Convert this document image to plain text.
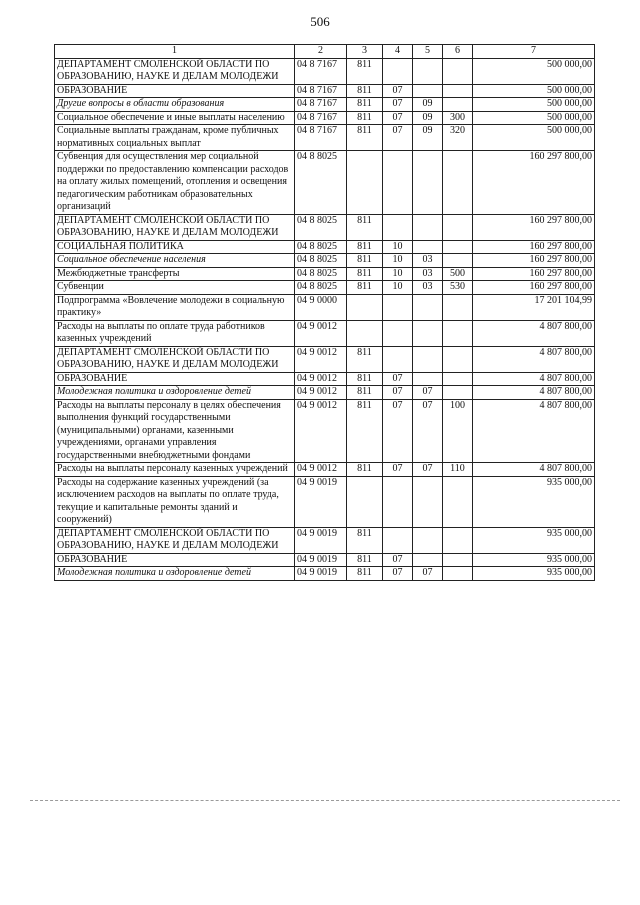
506
1	2	3	4	5	6	7
ДЕПАРТАМЕНТ СМОЛЕНСКОЙ ОБЛАСТИ ПО ОБРАЗОВАНИЮ, НАУКЕ И ДЕЛАМ МОЛОДЕЖИ	04 8 7167	811				500 000,00
ОБРАЗОВАНИЕ	04 8 7167	811	07			500 000,00
Другие вопросы в области образования	04 8 7167	811	07	09		500 000,00
Социальное обеспечение и иные выплаты населению	04 8 7167	811	07	09	300	500 000,00
Социальные выплаты гражданам, кроме публичных нормативных социальных выплат	04 8 7167	811	07	09	320	500 000,00
Субвенция для осуществления мер социальной поддержки по предоставлению компенсации расходов на оплату жилых помещений, отопления и освещения педагогическим работникам образовательных организаций	04 8 8025					160 297 800,00
ДЕПАРТАМЕНТ СМОЛЕНСКОЙ ОБЛАСТИ ПО ОБРАЗОВАНИЮ, НАУКЕ И ДЕЛАМ МОЛОДЕЖИ	04 8 8025	811				160 297 800,00
СОЦИАЛЬНАЯ ПОЛИТИКА	04 8 8025	811	10			160 297 800,00
Социальное обеспечение населения	04 8 8025	811	10	03		160 297 800,00
Межбюджетные трансферты	04 8 8025	811	10	03	500	160 297 800,00
Субвенции	04 8 8025	811	10	03	530	160 297 800,00
Подпрограмма «Вовлечение молодежи в социальную практику»	04 9 0000					17 201 104,99
Расходы на выплаты по оплате труда работников казенных учреждений	04 9 0012					4 807 800,00
ДЕПАРТАМЕНТ СМОЛЕНСКОЙ ОБЛАСТИ ПО ОБРАЗОВАНИЮ, НАУКЕ И ДЕЛАМ МОЛОДЕЖИ	04 9 0012	811				4 807 800,00
ОБРАЗОВАНИЕ	04 9 0012	811	07			4 807 800,00
Молодежная политика и оздоровление детей	04 9 0012	811	07	07		4 807 800,00
Расходы на выплаты персоналу в целях обеспечения выполнения функций государственными (муниципальными) органами, казенными учреждениями, органами управления государственными внебюджетными фондами	04 9 0012	811	07	07	100	4 807 800,00
Расходы на выплаты персоналу казенных учреждений	04 9 0012	811	07	07	110	4 807 800,00
Расходы на содержание казенных учреждений (за исключением расходов на выплаты по оплате труда, текущие и капитальные ремонты зданий и сооружений)	04 9 0019					935 000,00
ДЕПАРТАМЕНТ СМОЛЕНСКОЙ ОБЛАСТИ ПО ОБРАЗОВАНИЮ, НАУКЕ И ДЕЛАМ МОЛОДЕЖИ	04 9 0019	811				935 000,00
ОБРАЗОВАНИЕ	04 9 0019	811	07			935 000,00
Молодежная политика и оздоровление детей	04 9 0019	811	07	07		935 000,00
